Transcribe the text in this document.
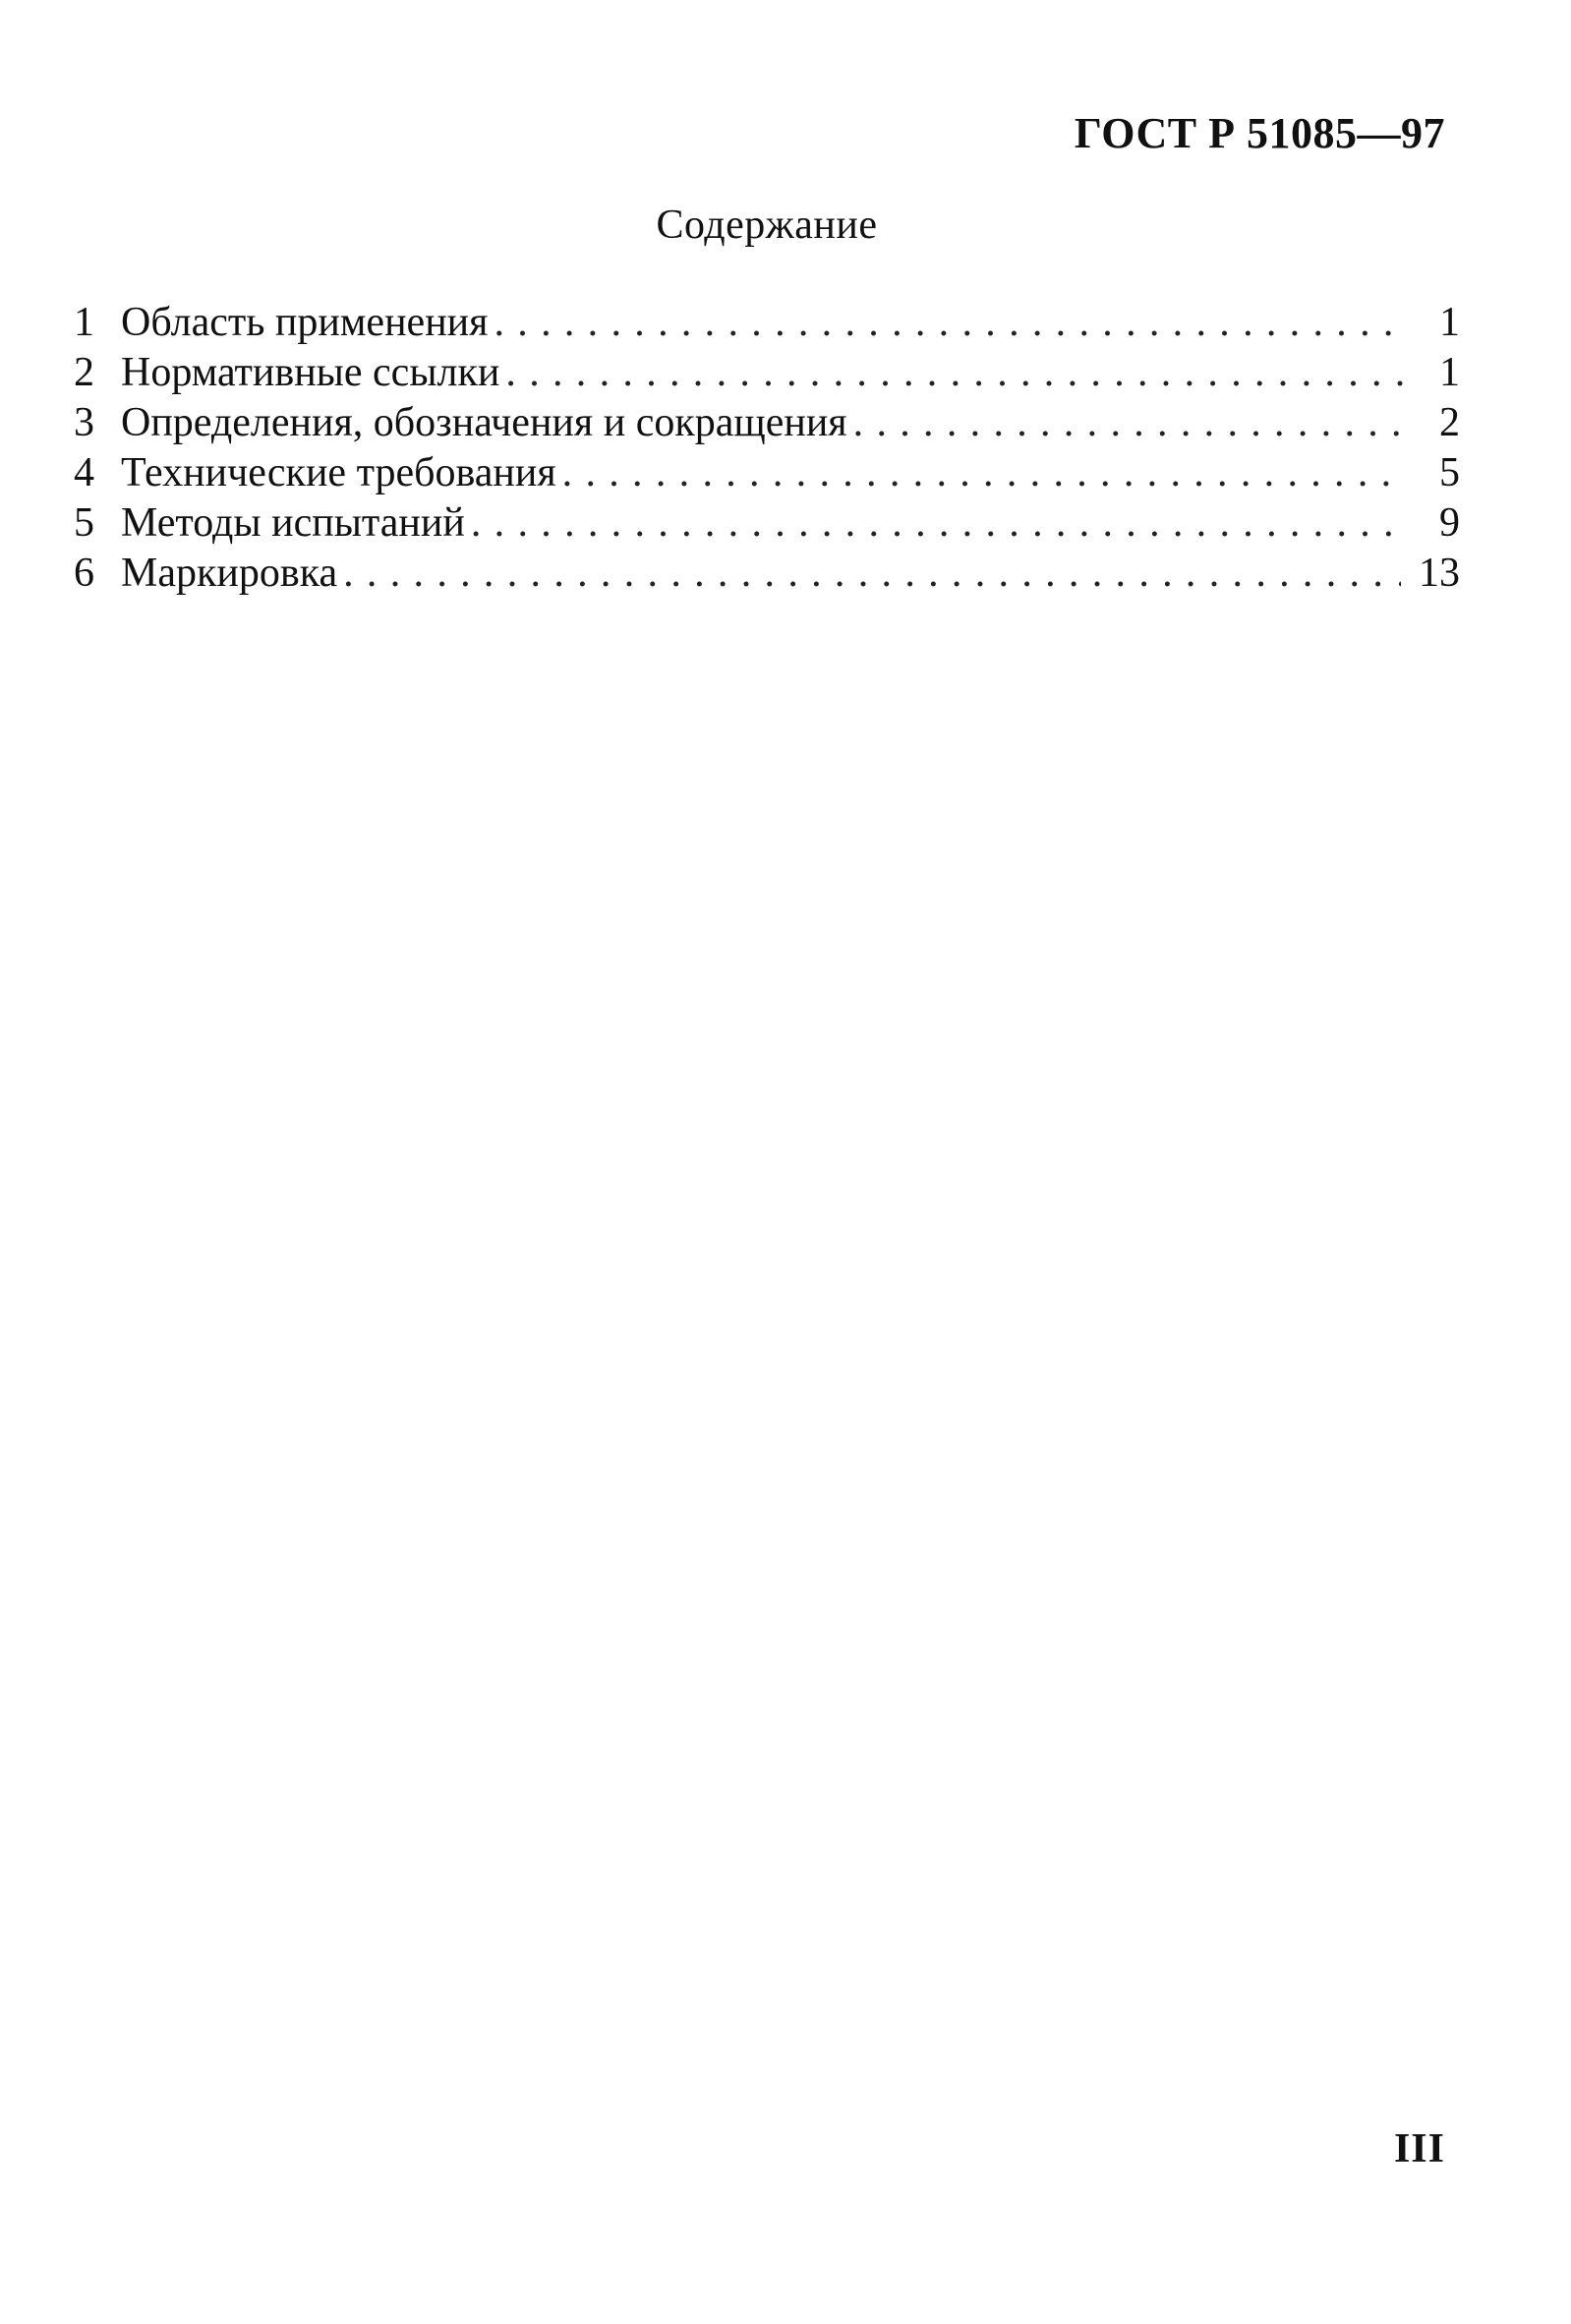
ГОСТ Р 51085—97
Содержание
1 Область применения . . .	1
2 Нормативные ссылки . . .	1
3 Определения, обозначения и сокращения . . .	2
4 Технические требования . . .	5
5 Методы испытаний . . .	9
6 Маркировка . . .	13
III
